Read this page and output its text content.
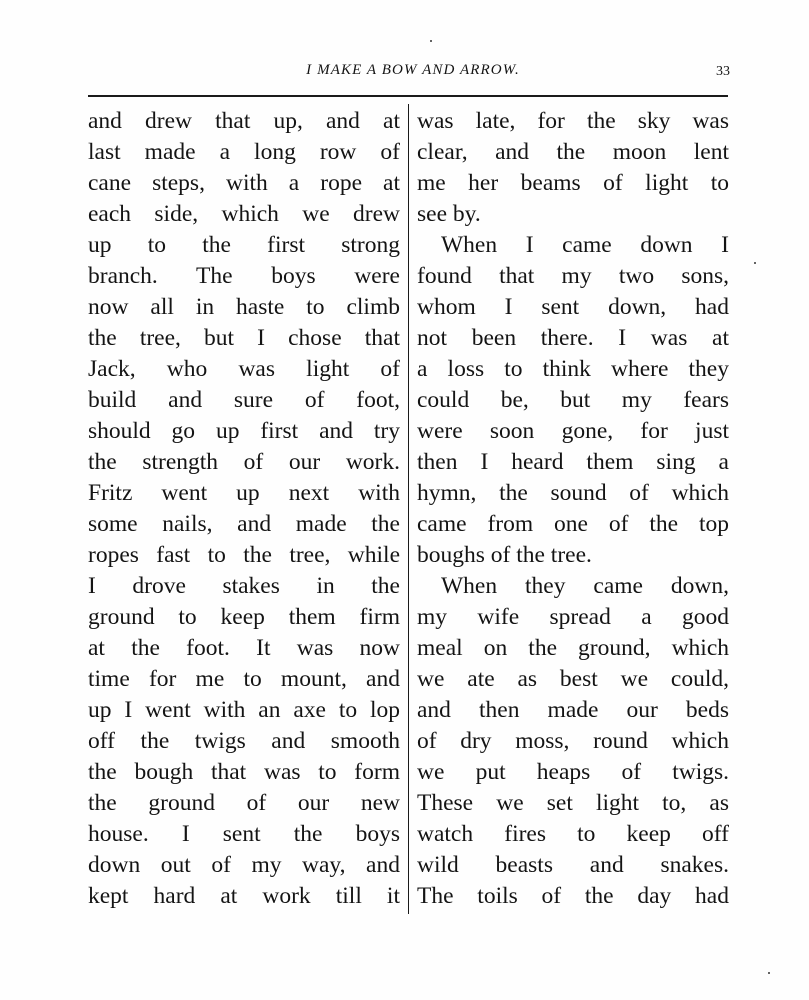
I MAKE A BOW AND ARROW.	33
and drew that up, and at
last made a long row of
cane steps, with a rope at
each side, which we drew
up to the first strong
branch. The boys were
now all in haste to climb
the tree, but I chose that
Jack, who was light of
build and sure of foot,
should go up first and try
the strength of our work.
Fritz went up next with
some nails, and made the
ropes fast to the tree, while
I drove stakes in the
ground to keep them firm
at the foot. It was now
time for me to mount, and
up I went with an axe to lop
off the twigs and smooth
the bough that was to form
the ground of our new
house. I sent the boys
down out of my way, and
kept hard at work till it
was late, for the sky was
clear, and the moon lent
me her beams of light to
see by.
When I came down I
found that my two sons,
whom I sent down, had
not been there. I was at
a loss to think where they
could be, but my fears
were soon gone, for just
then I heard them sing a
hymn, the sound of which
came from one of the top
boughs of the tree.
When they came down,
my wife spread a good
meal on the ground, which
we ate as best we could,
and then made our beds
of dry moss, round which
we put heaps of twigs.
These we set light to, as
watch fires to keep off
wild beasts and snakes.
The toils of the day had
